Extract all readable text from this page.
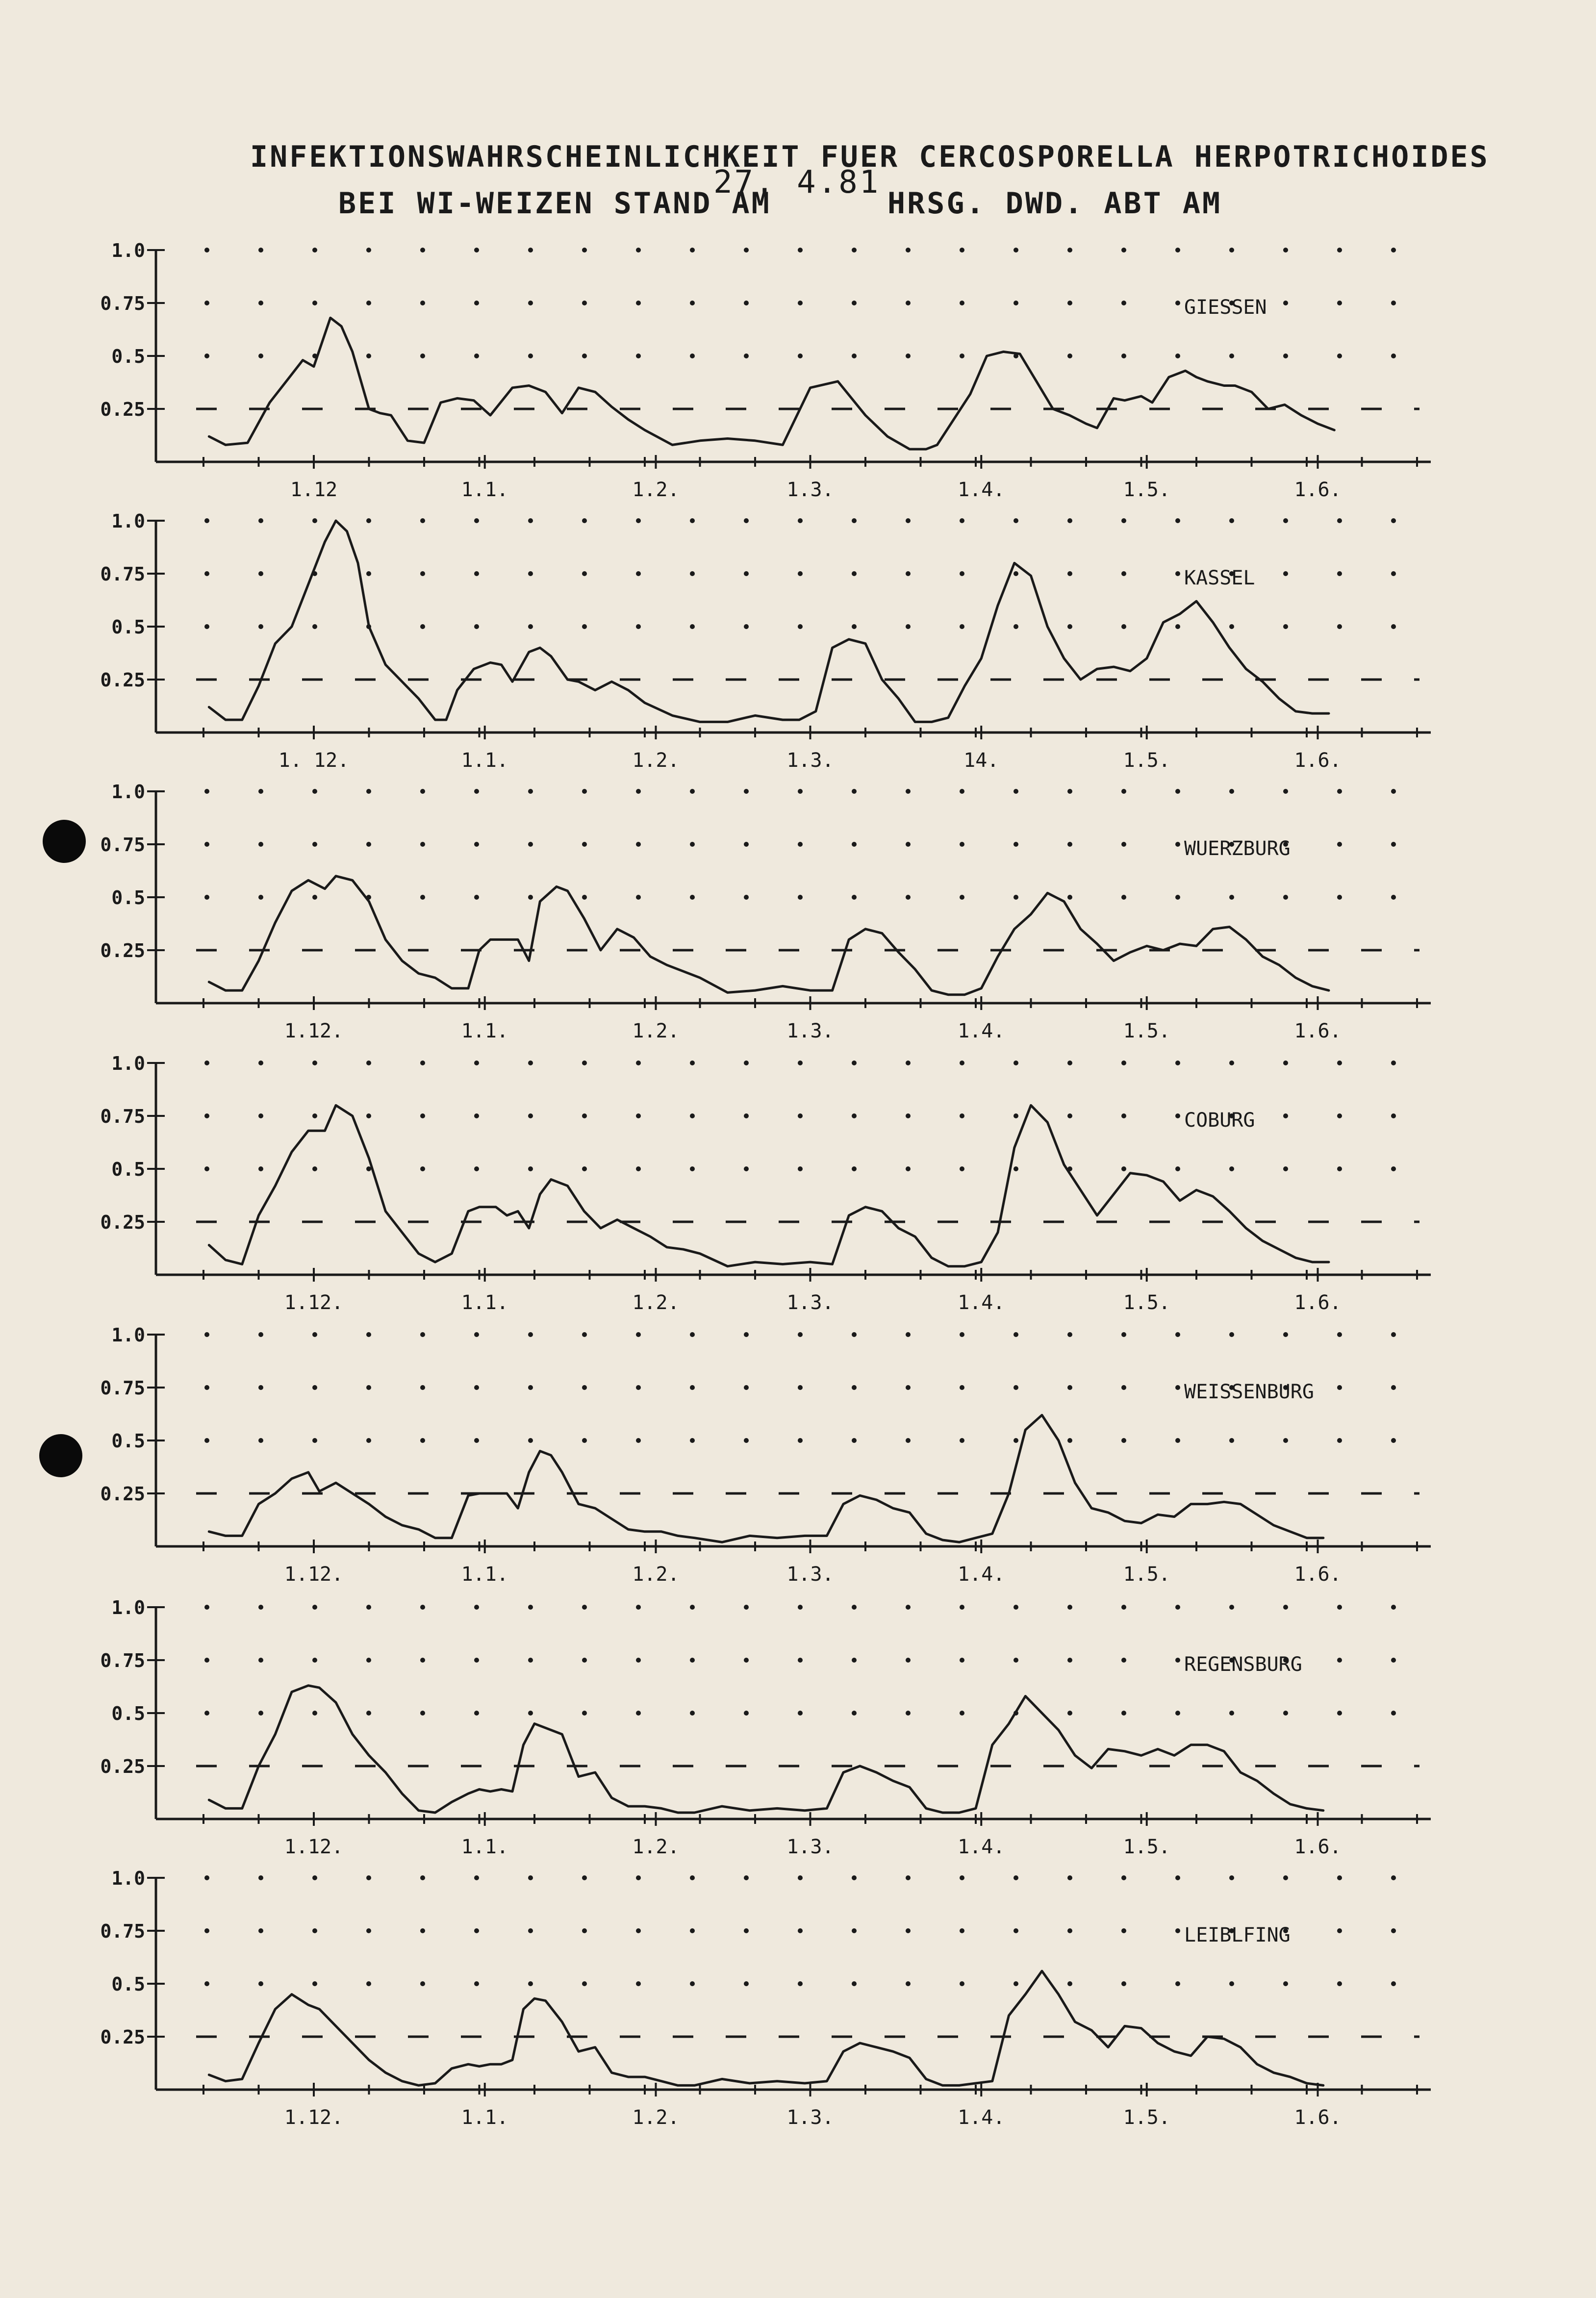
INFEKTIONSWAHRSCHEINLICHKEIT FUER CERCOSPORELLA HERPOTRICHOIDES
BEI WI-WEIZEN STAND AM
27. 4.81
HRSG. DWD. ABT AM
1.0
0.75
0.5
0.25
1.12	1.1.	1.2.	1.3.	1.4.	1.5.	1.6.
GIESSEN
1.0
0.75
0.5
0.25
1. 12.	1.1.	1.2.	1.3.	14.	1.5.	1.6.
KASSEL
1.0
0.75
0.5
0.25
1.12.	1.1.	1.2.	1.3.	1.4.	1.5.	1.6.
WUERZBURG
1.0
0.75
0.5
0.25
1.12.	1.1.	1.2.	1.3.	1.4.	1.5.	1.6.
COBURG
1.0
0.75
0.5
0.25
1.12.	1.1.	1.2.	1.3.	1.4.	1.5.	1.6.
WEISSENBURG
1.0
0.75
0.5
0.25
1.12.	1.1.	1.2.	1.3.	1.4.	1.5.	1.6.
REGENSBURG
1.0
0.75
0.5
0.25
1.12.	1.1.	1.2.	1.3.	1.4.	1.5.	1.6.
LEIBLFING
